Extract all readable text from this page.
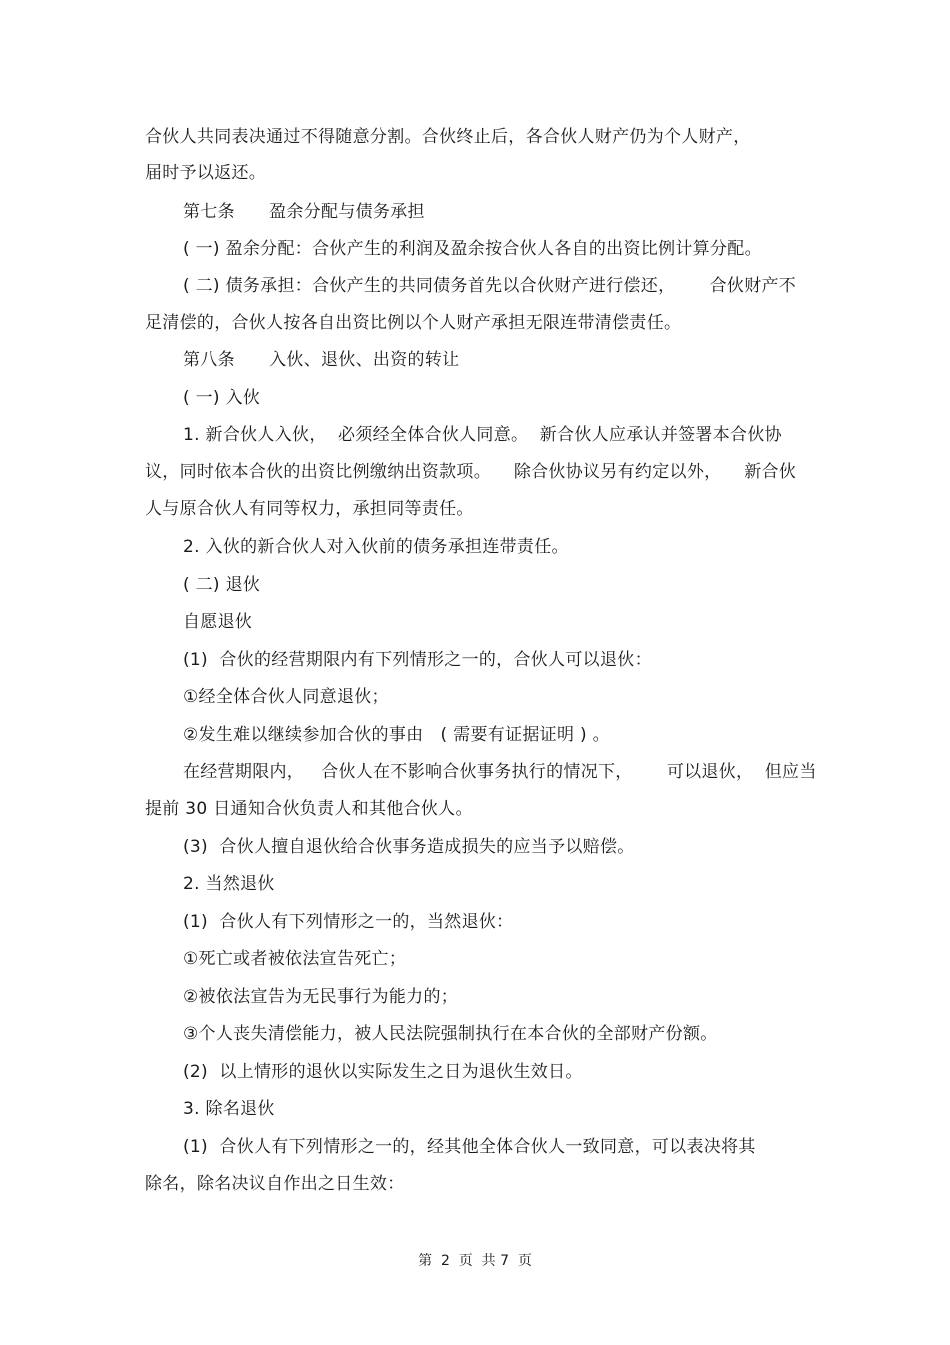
合伙人共同表决通过不得随意分割。合伙终止后，各合伙人财产仍为个人财产，
届时予以返还。
第七条      盈余分配与债务承担
( 一) 盈余分配：合伙产生的利润及盈余按合伙人各自的出资比例计算分配。
( 二) 债务承担：合伙产生的共同债务首先以合伙财产进行偿还，      合伙财产不
足清偿的，合伙人按各自出资比例以个人财产承担无限连带清偿责任。
第八条      入伙、退伙、出资的转让
( 一) 入伙
1. 新合伙人入伙，  必须经全体合伙人同意。  新合伙人应承认并签署本合伙协
议，同时依本合伙的出资比例缴纳出资款项。    除合伙协议另有约定以外，    新合伙
人与原合伙人有同等权力，承担同等责任。
2. 入伙的新合伙人对入伙前的债务承担连带责任。
( 二) 退伙
自愿退伙
(1)  合伙的经营期限内有下列情形之一的，合伙人可以退伙：
①经全体合伙人同意退伙；
②发生难以继续参加合伙的事由   ( 需要有证据证明 ) 。
在经营期限内，   合伙人在不影响合伙事务执行的情况下，      可以退伙，  但应当
提前 30 日通知合伙负责人和其他合伙人。
(3)  合伙人擅自退伙给合伙事务造成损失的应当予以赔偿。
2. 当然退伙
(1)  合伙人有下列情形之一的，当然退伙：
①死亡或者被依法宣告死亡；
②被依法宣告为无民事行为能力的；
③个人丧失清偿能力，被人民法院强制执行在本合伙的全部财产份额。
(2)  以上情形的退伙以实际发生之日为退伙生效日。
3. 除名退伙
(1)  合伙人有下列情形之一的，经其他全体合伙人一致同意，可以表决将其
除名，除名决议自作出之日生效：
第  2  页  共 7  页
